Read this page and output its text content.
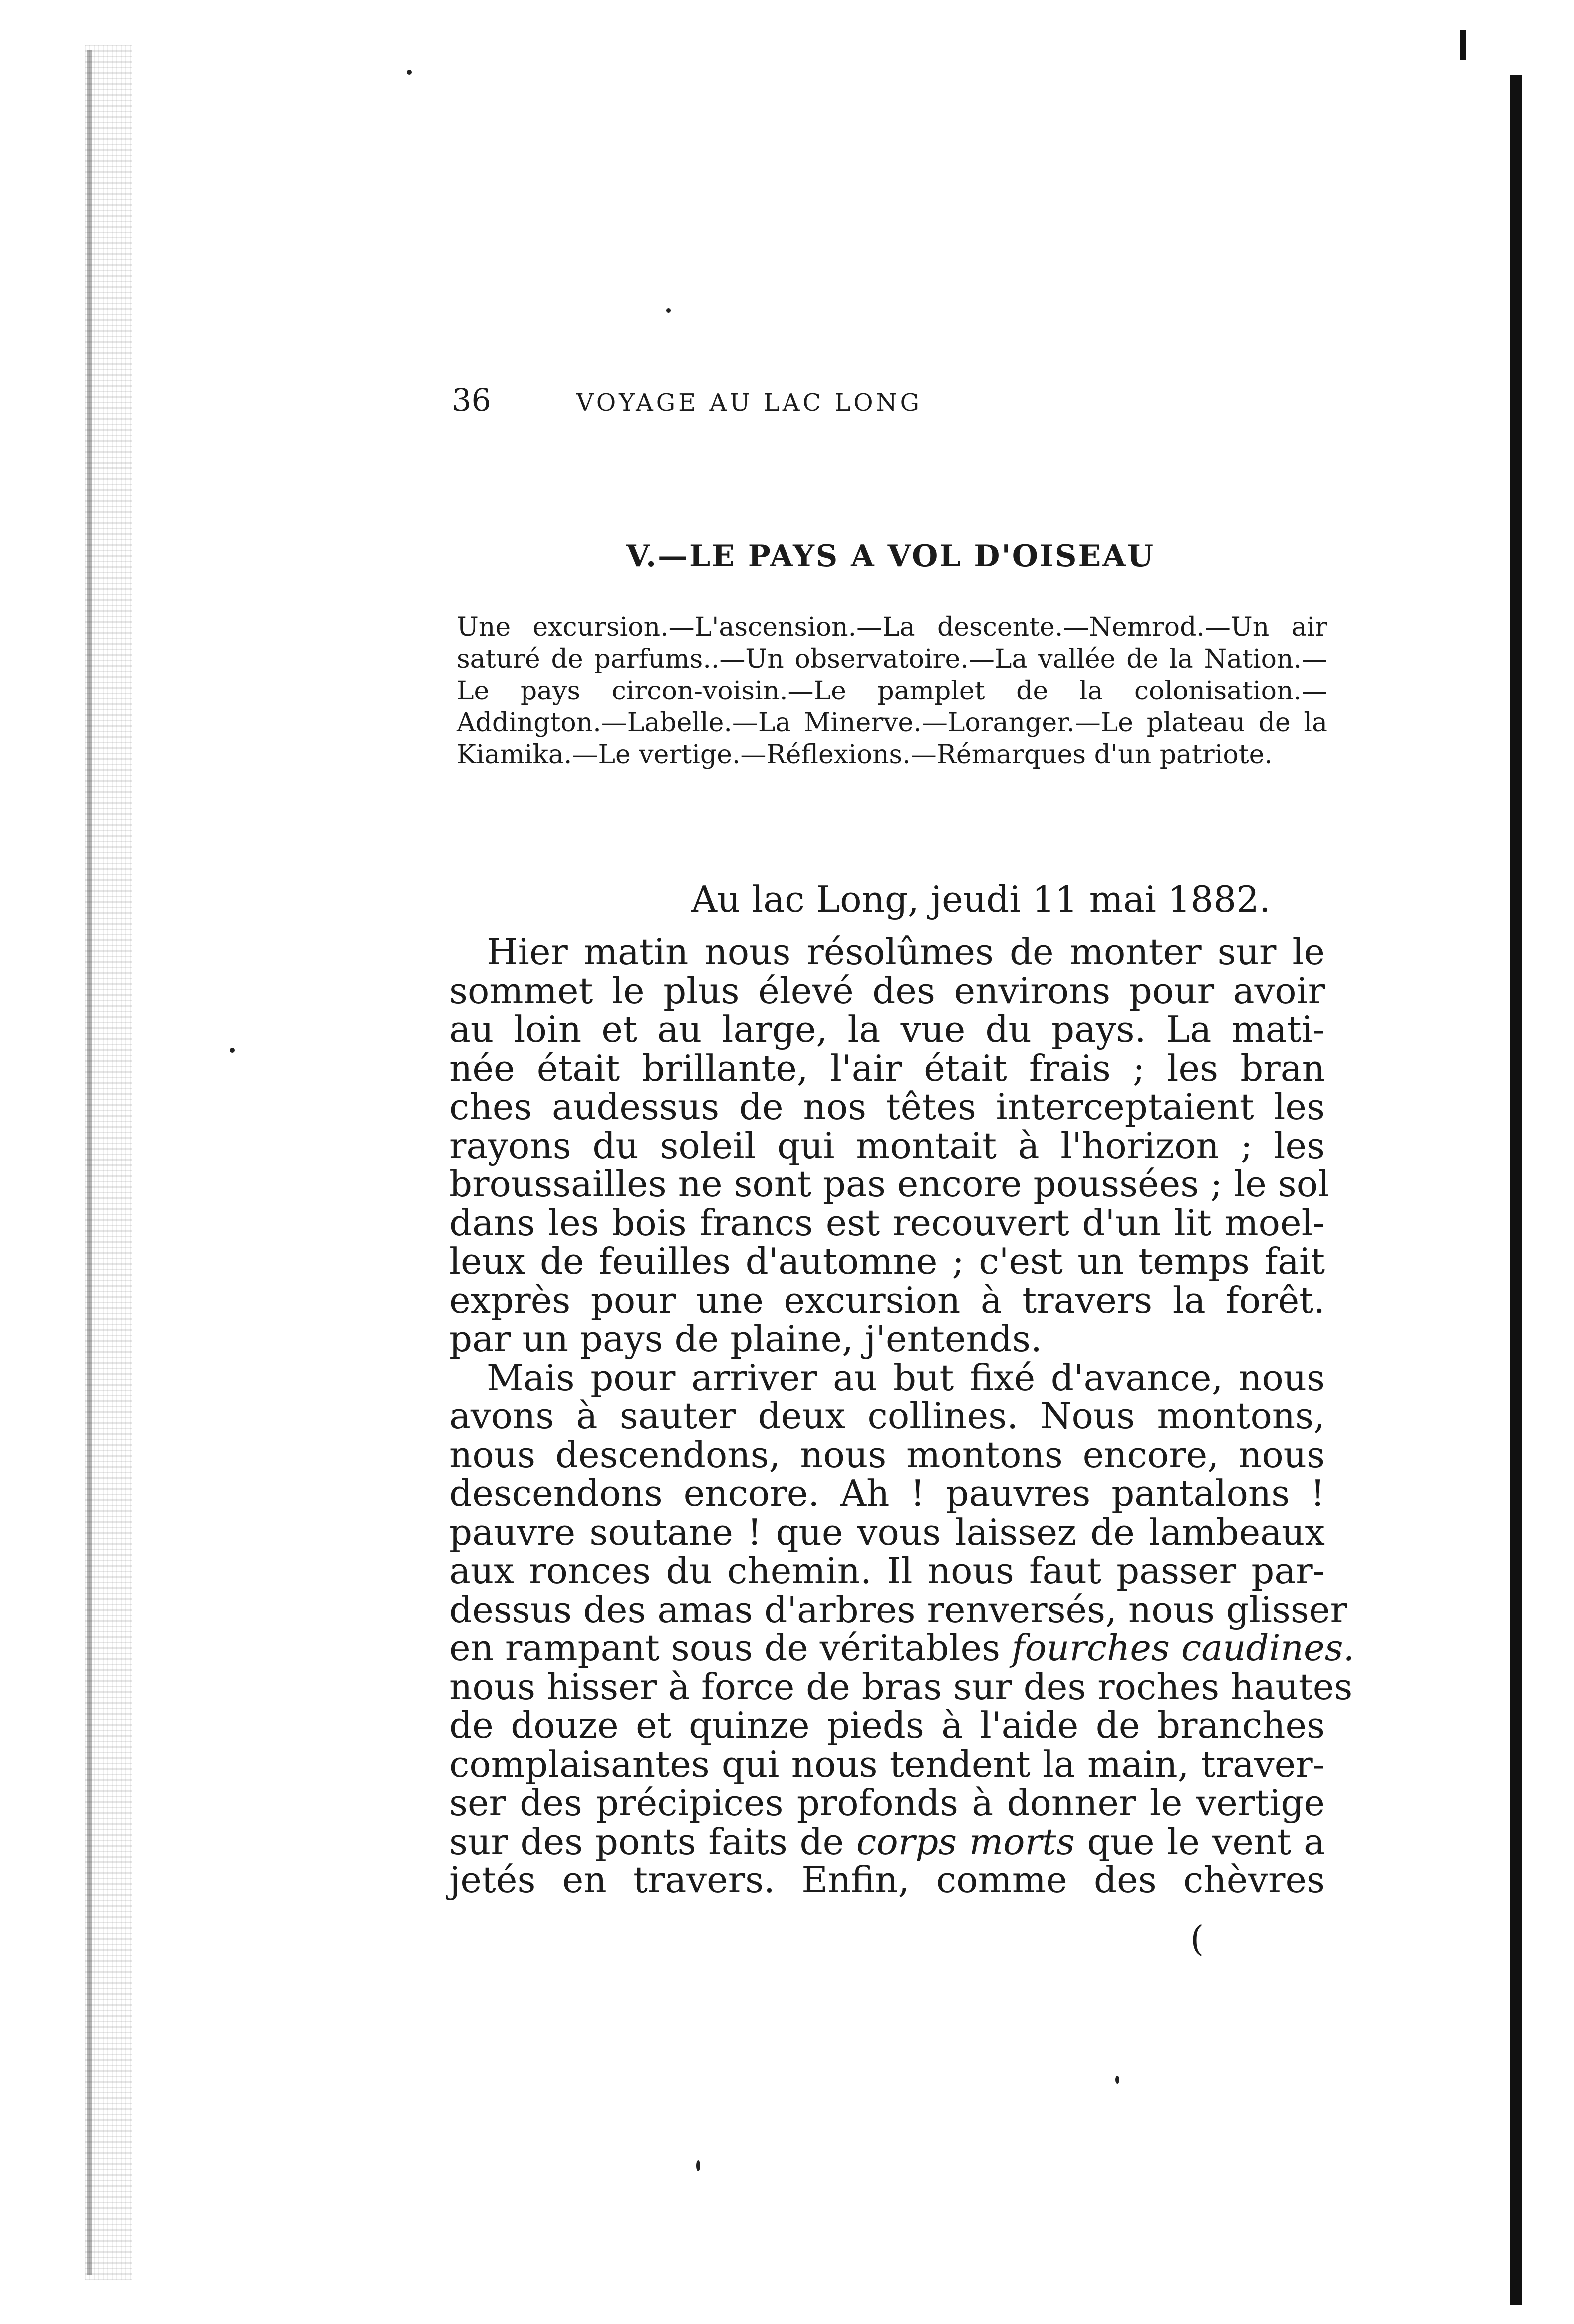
36	VOYAGE AU LAC LONG
V.—LE PAYS A VOL D'OISEAU
Une excursion.—L'ascension.—La descente.—Nemrod.—Un air saturé de parfums..—Un observatoire.—La vallée de la Nation.—Le pays circon-voisin.—Le pamplet de la colonisation.—Addington.—Labelle.—La Minerve.—Loranger.—Le plateau de la Kiamika.—Le vertige.—Réflexions.—Rémarques d'un patriote.
Au lac Long, jeudi 11 mai 1882.

Hier matin nous résolûmes de monter sur le
sommet le plus élevé des environs pour avoir
au loin et au large, la vue du pays. La mati-
née était brillante, l'air était frais ; les bran
ches audessus de nos têtes interceptaient les
rayons du soleil qui montait à l'horizon ; les
broussailles ne sont pas encore poussées ; le sol
dans les bois francs est recouvert d'un lit moel-
leux de feuilles d'automne ; c'est un temps fait
exprès pour une excursion à travers la forêt.
par un pays de plaine, j'entends.

Mais pour arriver au but fixé d'avance, nous
avons à sauter deux collines. Nous montons,
nous descendons, nous montons encore, nous
descendons encore. Ah ! pauvres pantalons !
pauvre soutane ! que vous laissez de lambeaux
aux ronces du chemin. Il nous faut passer par-
dessus des amas d'arbres renversés, nous glisser
en rampant sous de véritables fourches caudines.
nous hisser à force de bras sur des roches hautes
de douze et quinze pieds à l'aide de branches
complaisantes qui nous tendent la main, traver-
ser des précipices profonds à donner le vertige
sur des ponts faits de corps morts que le vent a
jetés en travers. Enfin, comme des chèvres

(
